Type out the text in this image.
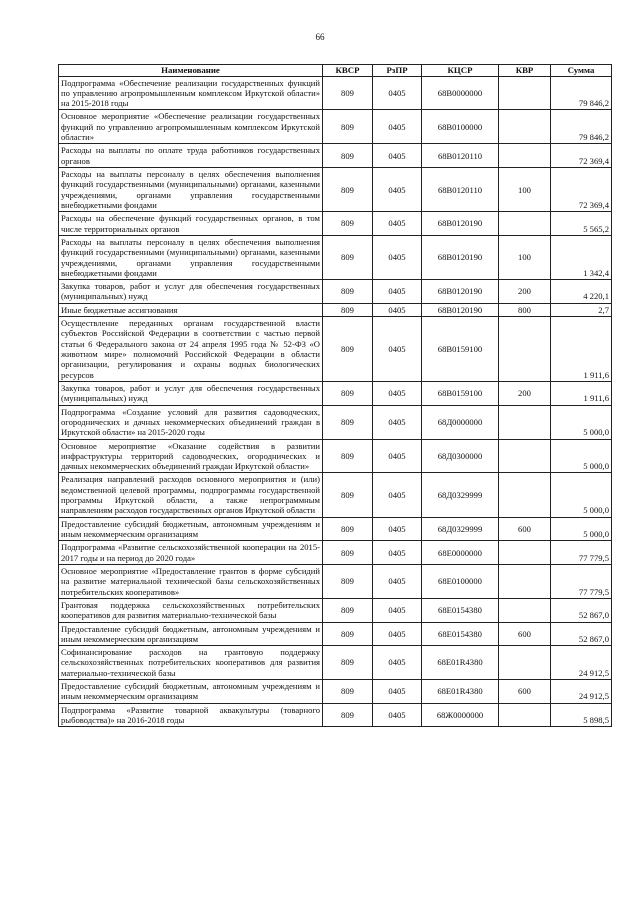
66
Наименование	КВСР	РзПР	КЦСР	КВР	Сумма
Подпрограмма «Обеспечение реализации государственных функций по управлению агропромышленным комплексом Иркутской области» на 2015-2018 годы	809	0405	68В0000000		79 846,2
Основное мероприятие «Обеспечение реализации государственных функций по управлению агропромышленным комплексом Иркутской области»	809	0405	68В0100000		79 846,2
Расходы на выплаты по оплате труда работников государственных органов	809	0405	68В0120110		72 369,4
Расходы на выплаты персоналу в целях обеспечения выполнения функций государственными (муниципальными) органами, казенными учреждениями, органами управления государственными внебюджетными фондами	809	0405	68В0120110	100	72 369,4
Расходы на обеспечение функций государственных органов, в том числе территориальных органов	809	0405	68В0120190		5 565,2
Расходы на выплаты персоналу в целях обеспечения выполнения функций государственными (муниципальными) органами, казенными учреждениями, органами управления государственными внебюджетными фондами	809	0405	68В0120190	100	1 342,4
Закупка товаров, работ и услуг для обеспечения государственных (муниципальных) нужд	809	0405	68В0120190	200	4 220,1
Иные бюджетные ассигнования	809	0405	68В0120190	800	2,7
Осуществление переданных органам государственной власти субъектов Российской Федерации в соответствии с частью первой статьи 6 Федерального закона от 24 апреля 1995 года № 52-ФЗ «О животном мире» полномочий Российской Федерации в области организации, регулирования и охраны водных биологических ресурсов	809	0405	68В0159100		1 911,6
Закупка товаров, работ и услуг для обеспечения государственных (муниципальных) нужд	809	0405	68В0159100	200	1 911,6
Подпрограмма «Создание условий для развития садоводческих, огороднических и дачных некоммерческих объединений граждан в Иркутской области» на 2015-2020 годы	809	0405	68Д0000000		5 000,0
Основное мероприятие «Оказание содействия в развитии инфраструктуры территорий садоводческих, огороднических и дачных некоммерческих объединений граждан Иркутской области»	809	0405	68Д0300000		5 000,0
Реализация направлений расходов основного мероприятия и (или) ведомственной целевой программы, подпрограммы государственной программы Иркутской области, а также непрограммным направлениям расходов государственных органов Иркутской области	809	0405	68Д0329999		5 000,0
Предоставление субсидий бюджетным, автономным учреждениям и иным некоммерческим организациям	809	0405	68Д0329999	600	5 000,0
Подпрограмма «Развитие сельскохозяйственной кооперации на 2015-2017 годы и на период до 2020 года»	809	0405	68Е0000000		77 779,5
Основное мероприятие «Предоставление грантов в форме субсидий на развитие материальной технической базы сельскохозяйственных потребительских кооперативов»	809	0405	68Е0100000		77 779,5
Грантовая поддержка сельскохозяйственных потребительских кооперативов для развития материально-технической базы	809	0405	68Е0154380		52 867,0
Предоставление субсидий бюджетным, автономным учреждениям и иным некоммерческим организациям	809	0405	68Е0154380	600	52 867,0
Софинансирование расходов на грантовую поддержку сельскохозяйственных потребительских кооперативов для развития материально-технической базы	809	0405	68Е01R4380		24 912,5
Предоставление субсидий бюджетным, автономным учреждениям и иным некоммерческим организациям	809	0405	68Е01R4380	600	24 912,5
Подпрограмма «Развитие товарной аквакультуры (товарного рыбоводства)» на 2016-2018 годы	809	0405	68Ж0000000		5 898,5
